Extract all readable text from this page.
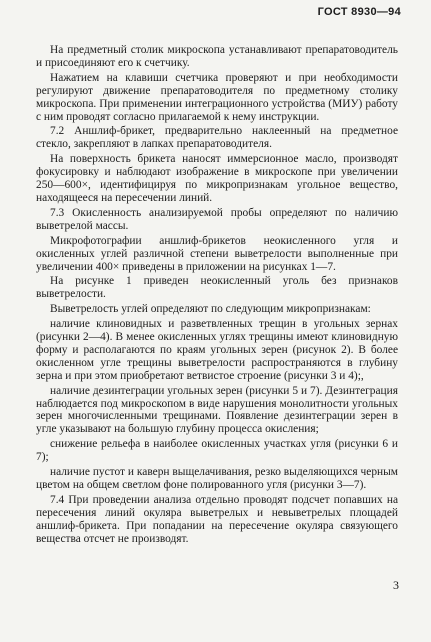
ГОСТ 8930—94

На предметный столик микроскопа устанавливают препаратоводитель и присоединяют его к счетчику.

Нажатием на клавиши счетчика проверяют и при необходимости регулируют движение препаратоводителя по предметному столику микроскопа. При применении интеграционного устройства (МИУ) работу с ним проводят согласно прилагаемой к нему инструкции.

7.2 Аншлиф-брикет, предварительно наклеенный на предметное стекло, закрепляют в лапках препаратоводителя.

На поверхность брикета наносят иммерсионное масло, производят фокусировку и наблюдают изображение в микроскопе при увеличении 250—600×, идентифицируя по микропризнакам угольное вещество, находящееся на пересечении линий.

7.3 Окисленность анализируемой пробы определяют по наличию выветрелой массы.

Микрофотографии аншлиф-брикетов неокисленного угля и окисленных углей различной степени выветрелости выполненные при увеличении 400× приведены в приложении на рисунках 1—7.

На рисунке 1 приведен неокисленный уголь без признаков выветрелости.

Выветрелость углей определяют по следующим микропризнакам:

наличие клиновидных и разветвленных трещин в угольных зернах (рисунки 2—4). В менее окисленных углях трещины имеют клиновидную форму и располагаются по краям угольных зерен (рисунок 2). В более окисленном угле трещины выветрелости распространяются в глубину зерна и при этом приобретают ветвистое строение (рисунки 3 и 4);,

наличие дезинтеграции угольных зерен (рисунки 5 и 7). Дезинтеграция наблюдается под микроскопом в виде нарушения монолитности угольных зерен многочисленными трещинами. Появление дезинтеграции зерен в угле указывают на большую глубину процесса окисления;

снижение рельефа в наиболее окисленных участках угля (рисунки 6 и 7);

наличие пустот и каверн выщелачивания, резко выделяющихся черным цветом на общем светлом фоне полированного угля (рисунки 3—7).

7.4 При проведении анализа отдельно проводят подсчет попавших на пересечения линий окуляра выветрелых и невыветрелых площадей аншлиф-брикета. При попадании на пересечение окуляра связующего вещества отсчет не производят.

3
